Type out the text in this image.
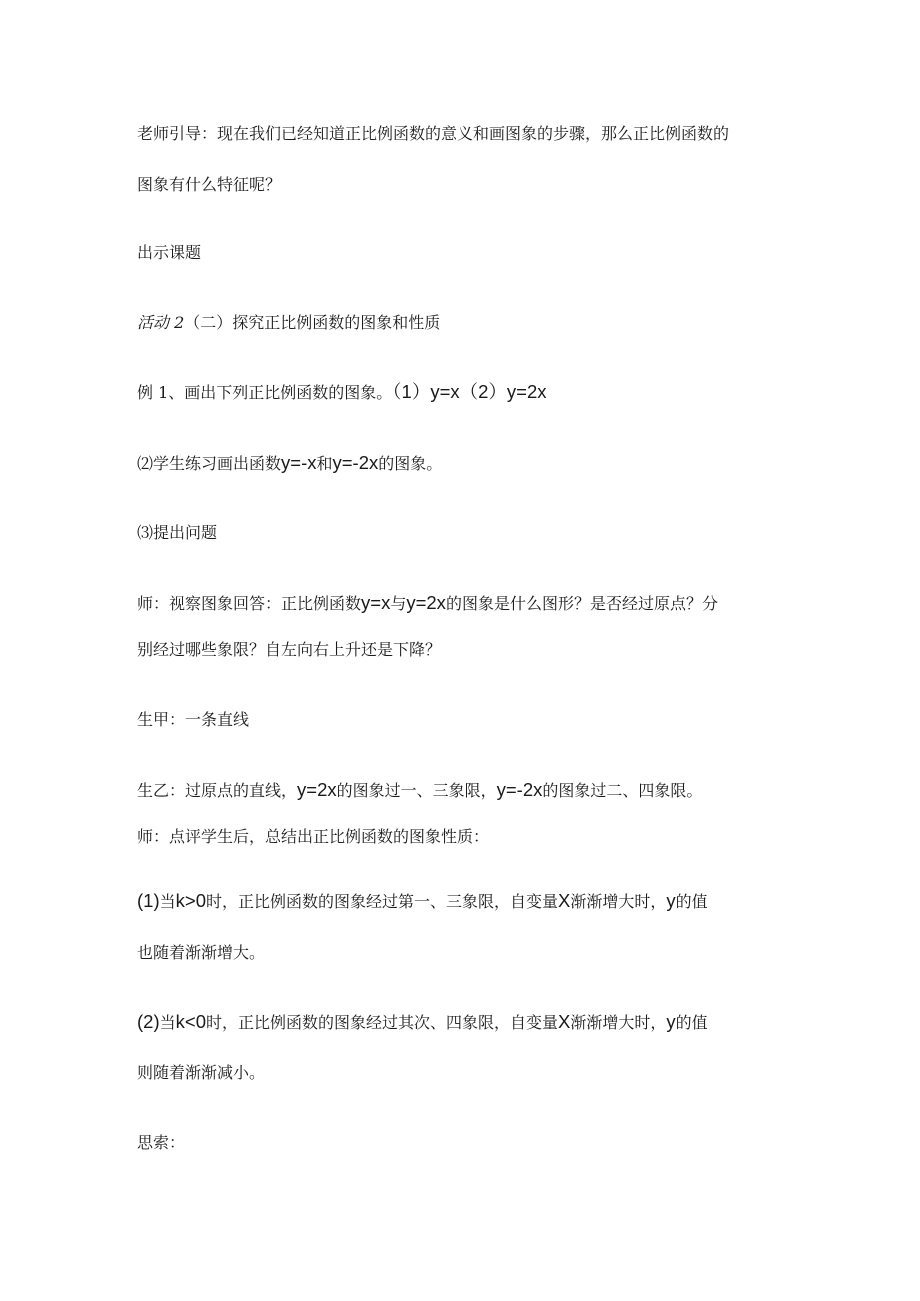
老师引导：现在我们已经知道正比例函数的意义和画图象的步骤，那么正比例函数的
图象有什么特征呢？
出示课题
活动 2（二）探究正比例函数的图象和性质
例 1、画出下列正比例函数的图象。（1）y=x（2）y=2x
⑵学生练习画出函数y=-x和y=-2x的图象。
⑶提出问题
师：视察图象回答：正比例函数y=x与y=2x的图象是什么图形？是否经过原点？分
别经过哪些象限？自左向右上升还是下降？
生甲：一条直线
生乙：过原点的直线，y=2x的图象过一、三象限，y=-2x的图象过二、四象限。
师：点评学生后，总结出正比例函数的图象性质：
(1)当k>0时，正比例函数的图象经过第一、三象限，自变量X渐渐增大时，y的值
也随着渐渐增大。
(2)当k<0时，正比例函数的图象经过其次、四象限，自变量X渐渐增大时，y的值
则随着渐渐减小。
思索：
